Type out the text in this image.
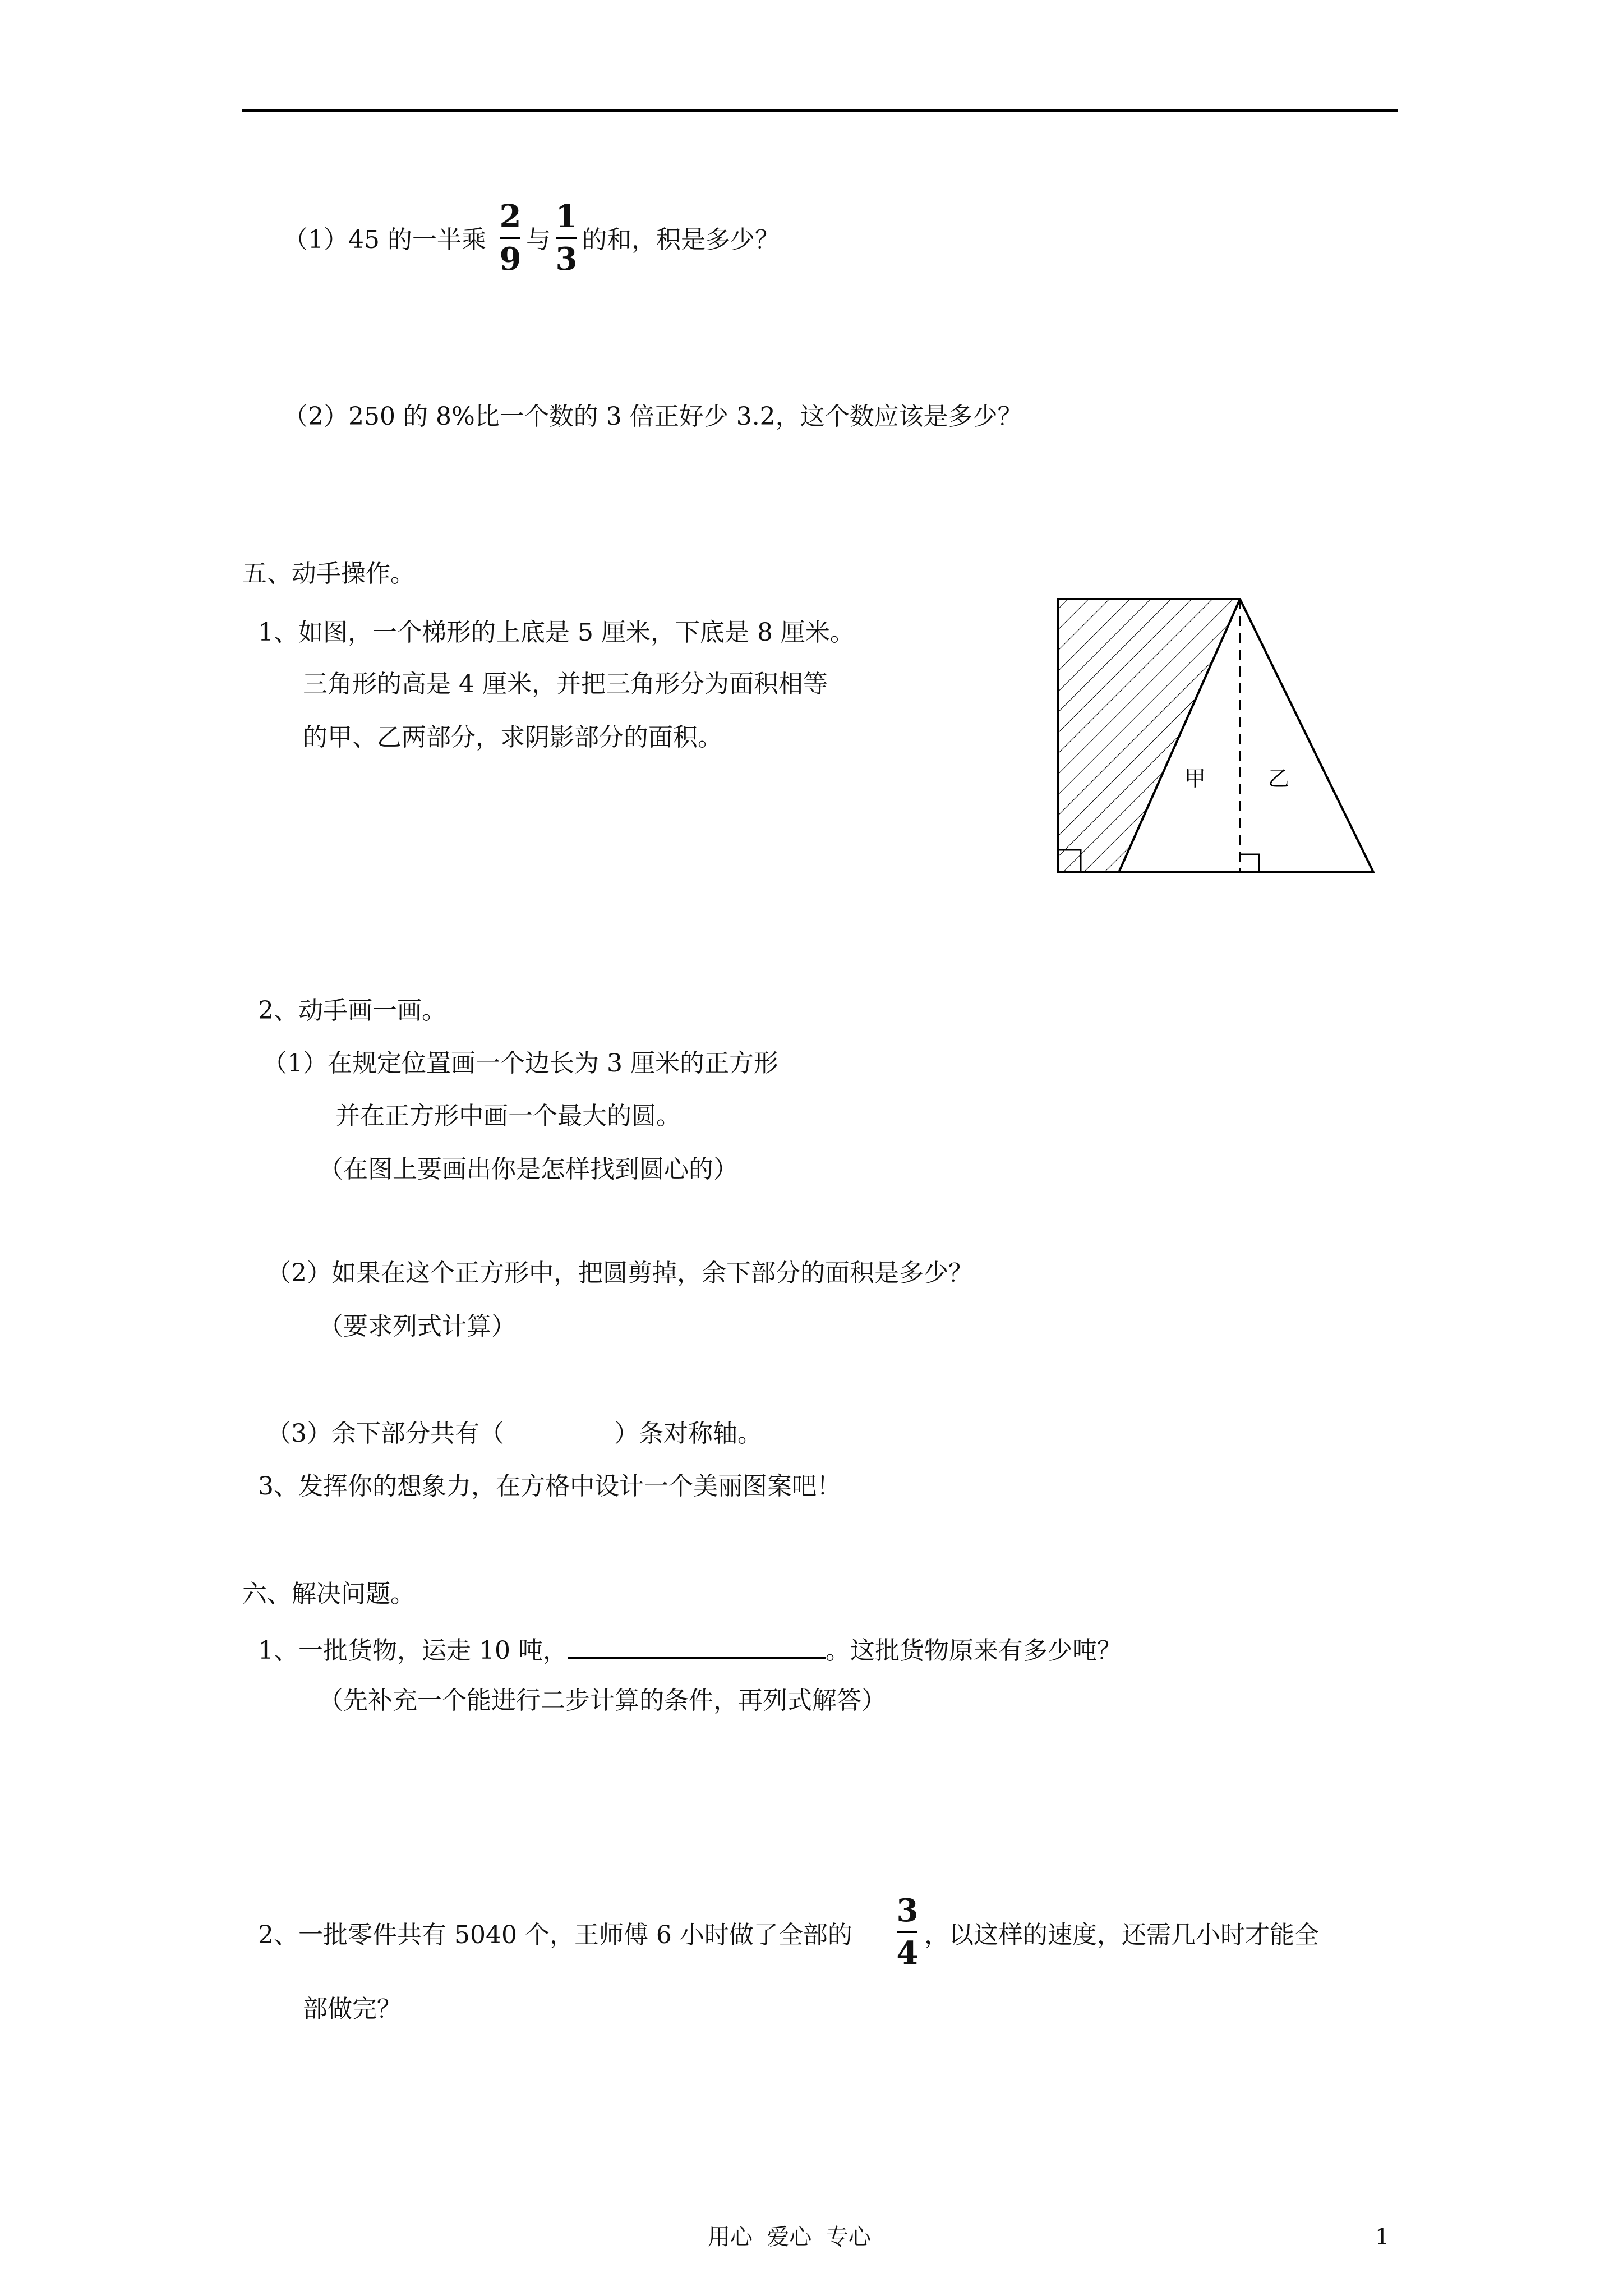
（1）45 的一半乘
2
9
与
1
3
的和，积是多少？
（2）250 的 8%比一个数的 3 倍正好少 3.2，这个数应该是多少？
五、动手操作。
1、如图，一个梯形的上底是 5 厘米，下底是 8 厘米。
三角形的高是 4 厘米，并把三角形分为面积相等
的甲、乙两部分，求阴影部分的面积。
甲	乙
2、动手画一画。
（1）在规定位置画一个边长为 3 厘米的正方形
并在正方形中画一个最大的圆。
（在图上要画出你是怎样找到圆心的）
（2）如果在这个正方形中，把圆剪掉，余下部分的面积是多少？
（要求列式计算）
（3）余下部分共有（	）条对称轴。
3、发挥你的想象力，在方格中设计一个美丽图案吧！
六、解决问题。
1、一批货物，运走 10 吨，	。这批货物原来有多少吨？
（先补充一个能进行二步计算的条件，再列式解答）
2、一批零件共有 5040 个，王师傅 6 小时做了全部的
3
4 ，以这样的速度，还需几小时才能全
部做完？
用心  爱心  专心	1
